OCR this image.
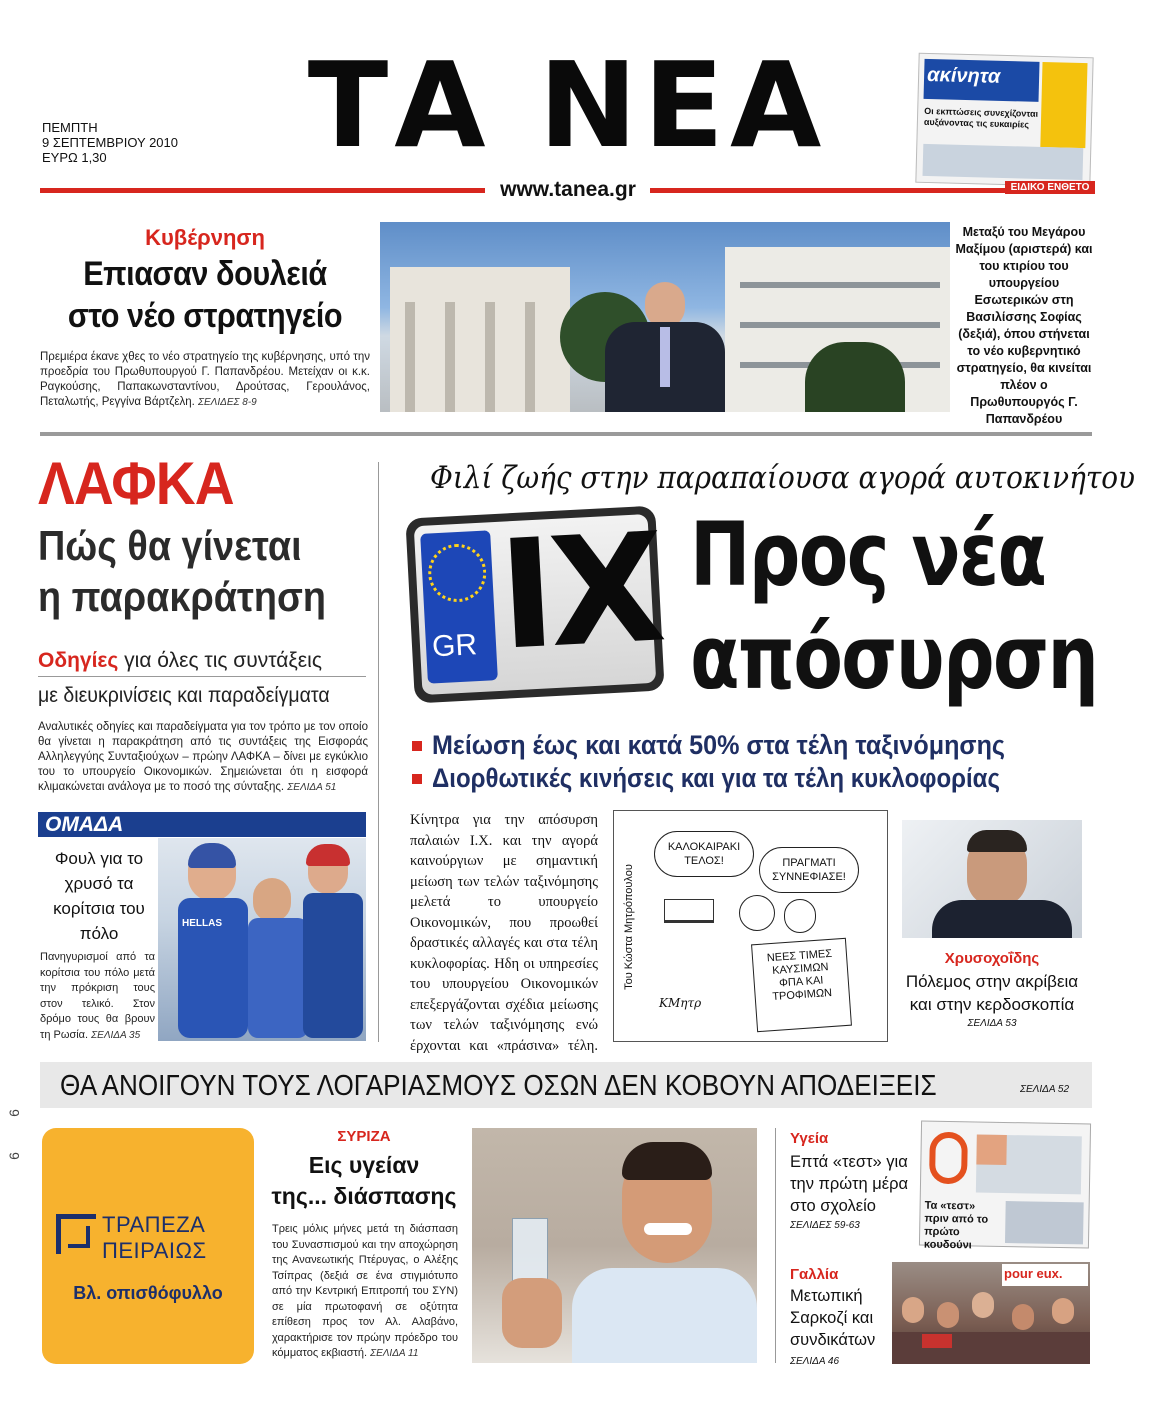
ΠΕΜΠΤΗ
9 ΣΕΠΤΕΜΒΡΙΟΥ 2010
ΕΥΡΩ 1,30	ΤΑ ΝΕΑ
www.tanea.gr
ακίνητα
Οι εκπτώσεις συνεχίζονται αυξάνοντας τις ευκαιρίες
ΕΙΔΙΚΟ ΕΝΘΕΤΟ
Κυβέρνηση
Επιασαν δουλειά
στο νέο στρατηγείο
Πρεμιέρα έκανε χθες το νέο στρατηγείο της κυβέρνησης, υπό την προεδρία του Πρωθυπουργού Γ. Παπανδρέου. Μετείχαν οι κ.κ. Ραγκούσης, Παπακωνσταντίνου, Δρούτσας, Γερουλάνος, Πεταλωτής, Ρεγγίνα Βάρτζελη. ΣΕΛΙΔΕΣ 8-9
Μεταξύ του Μεγάρου Μαξίμου (αριστερά) και του κτιρίου του υπουργείου Εσωτερικών στη Βασιλίσσης Σοφίας (δεξιά), όπου στήνεται το νέο κυβερνητικό στρατηγείο, θα κινείται πλέον ο Πρωθυπουργός Γ. Παπανδρέου
ΛΑΦΚΑ
Πώς θα γίνεται
η παρακράτηση
Οδηγίες για όλες τις συντάξεις
με διευκρινίσεις και παραδείγματα
Αναλυτικές οδηγίες και παραδείγματα για τον τρόπο με τον οποίο θα γίνεται η παρακράτηση από τις συντάξεις της Εισφοράς Αλληλεγγύης Συνταξιούχων – πρώην ΛΑΦΚΑ – δίνει με εγκύκλιο του το υπουργείο Οικονομικών. Σημειώνεται ότι η εισφορά κλιμακώνεται ανάλογα με το ποσό της σύνταξης. ΣΕΛΙΔΑ 51
ΟΜΑΔΑ
Φουλ για το χρυσό τα κορίτσια του πόλο
Πανηγυρισμοί από τα κορίτσια του πόλο μετά την πρόκριση τους στον τελικό. Στον δρόμο τους θα βρουν τη Ρωσία. ΣΕΛΙΔΑ 35
HELLAS
Φιλί ζωής στην παραπαίουσα αγορά αυτοκινήτου
GR IX Προς νέα
απόσυρση
Μείωση έως και κατά 50% στα τέλη ταξινόμησης
Διορθωτικές κινήσεις και για τα τέλη κυκλοφορίας
Κίνητρα για την απόσυρση παλαιών Ι.Χ. και την αγορά καινούργιων με σημαντική μείωση των τελών ταξινόμησης μελετά το υπουργείο Οικονομικών, που προωθεί δραστικές αλλαγές και στα τέλη κυκλοφορίας. Ηδη οι υπηρεσίες του υπουργείου Οικονομικών επεξεργάζονται σχέδια μείωσης των τελών ταξινόμησης ενώ έρχονται και «πράσινα» τέλη.
Του Κώστα Μητρόπουλου
ΚΑΛΟΚΑΙΡΑΚΙ ΤΕΛΟΣ!	ΠΡΑΓΜΑΤΙ ΣΥΝΝΕΦΙΑΣΕ!
ΝΕΕΣ ΤΙΜΕΣ
ΚΑΥΣΙΜΩΝ
ΦΠΑ ΚΑΙ
ΤΡΟΦΙΜΩΝ
ΚΜητρ
Χρυσοχοΐδης
Πόλεμος στην ακρίβεια και στην κερδοσκοπία
ΣΕΛΙΔΑ 53
ΘΑ ΑΝΟΙΓΟΥΝ ΤΟΥΣ ΛΟΓΑΡΙΑΣΜΟΥΣ ΟΣΩΝ ΔΕΝ ΚΟΒΟΥΝ ΑΠΟΔΕΙΞΕΙΣ	ΣΕΛΙΔΑ 52
6
6
ΤΡΑΠΕΖΑ
ΠΕΙΡΑΙΩΣ
Βλ. οπισθόφυλλο
ΣΥΡΙΖΑ
Εις υγείαν
της... διάσπασης
Τρεις μόλις μήνες μετά τη διάσπαση του Συνασπισμού και την αποχώρηση της Ανανεωτικής Πτέρυγας, ο Αλέξης Τσίπρας (δεξιά σε ένα στιγμιότυπο από την Κεντρική Επιτροπή του ΣΥΝ) σε μία πρωτοφανή σε οξύτητα επίθεση προς τον Αλ. Αλαβάνο, χαρακτήρισε τον πρώην πρόεδρο του κόμματος εκβιαστή. ΣΕΛΙΔΑ 11
Υγεία
Επτά «τεστ» για την πρώτη μέρα στο σχολείο
ΣΕΛΙΔΕΣ 59-63
Τα «τεστ» πριν από το πρώτο κουδούνι
Γαλλία
Μετωπική Σαρκοζί και συνδικάτων
ΣΕΛΙΔΑ 46
pour eux.
